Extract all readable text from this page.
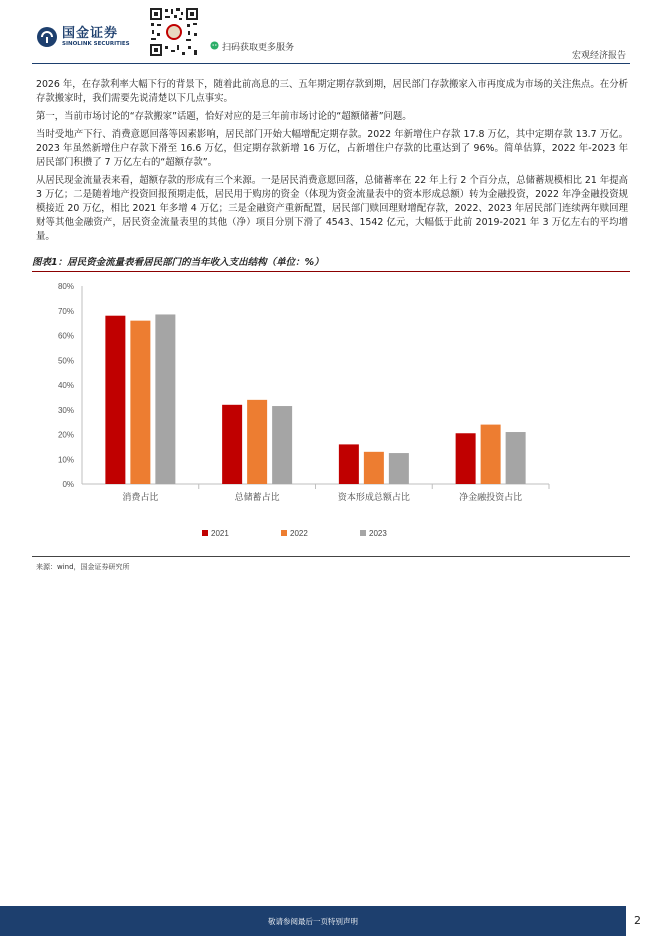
国金证券
SINOLINK SECURITIES	扫码获取更多服务
宏观经济报告

2026 年，在存款利率大幅下行的背景下，随着此前高息的三、五年期定期存款到期，居民部门存款搬家入市再度成为市场的关注焦点。在分析存款搬家时，我们需要先说清楚以下几点事实。

第一，当前市场讨论的“存款搬家”话题，恰好对应的是三年前市场讨论的“超额储蓄”问题。

当时受地产下行、消费意愿回落等因素影响，居民部门开始大幅增配定期存款。2022 年新增住户存款 17.8 万亿，其中定期存款 13.7 万亿。2023 年虽然新增住户存款下滑至 16.6 万亿，但定期存款新增 16 万亿，占新增住户存款的比重达到了 96%。简单估算，2022 年-2023 年居民部门积攒了 7 万亿左右的“超额存款”。

从居民现金流量表来看，超额存款的形成有三个来源。一是居民消费意愿回落，总储蓄率在 22 年上行 2 个百分点，总储蓄规模相比 21 年提高 3 万亿；二是随着地产投资回报预期走低，居民用于购房的资金（体现为资金流量表中的资本形成总额）转为金融投资，2022 年净金融投资规模接近 20 万亿，相比 2021 年多增 4 万亿；三是金融资产重新配置，居民部门赎回理财增配存款，2022、2023 年居民部门连续两年赎回理财等其他金融资产，居民资金流量表里的其他（净）项目分别下滑了 4543、1542 亿元，大幅低于此前 2019-2021 年 3 万亿左右的平均增量。

图表1：居民资金流量表看居民部门的当年收入支出结构（单位：%）
0%
10%
20%
30%
40%
50%
60%
70%
80%
消费占比	总储蓄占比	资本形成总额占比	净金融投资占比
2021	2022	2023
来源：wind，国金证券研究所
敬请参阅最后一页特别声明	2
